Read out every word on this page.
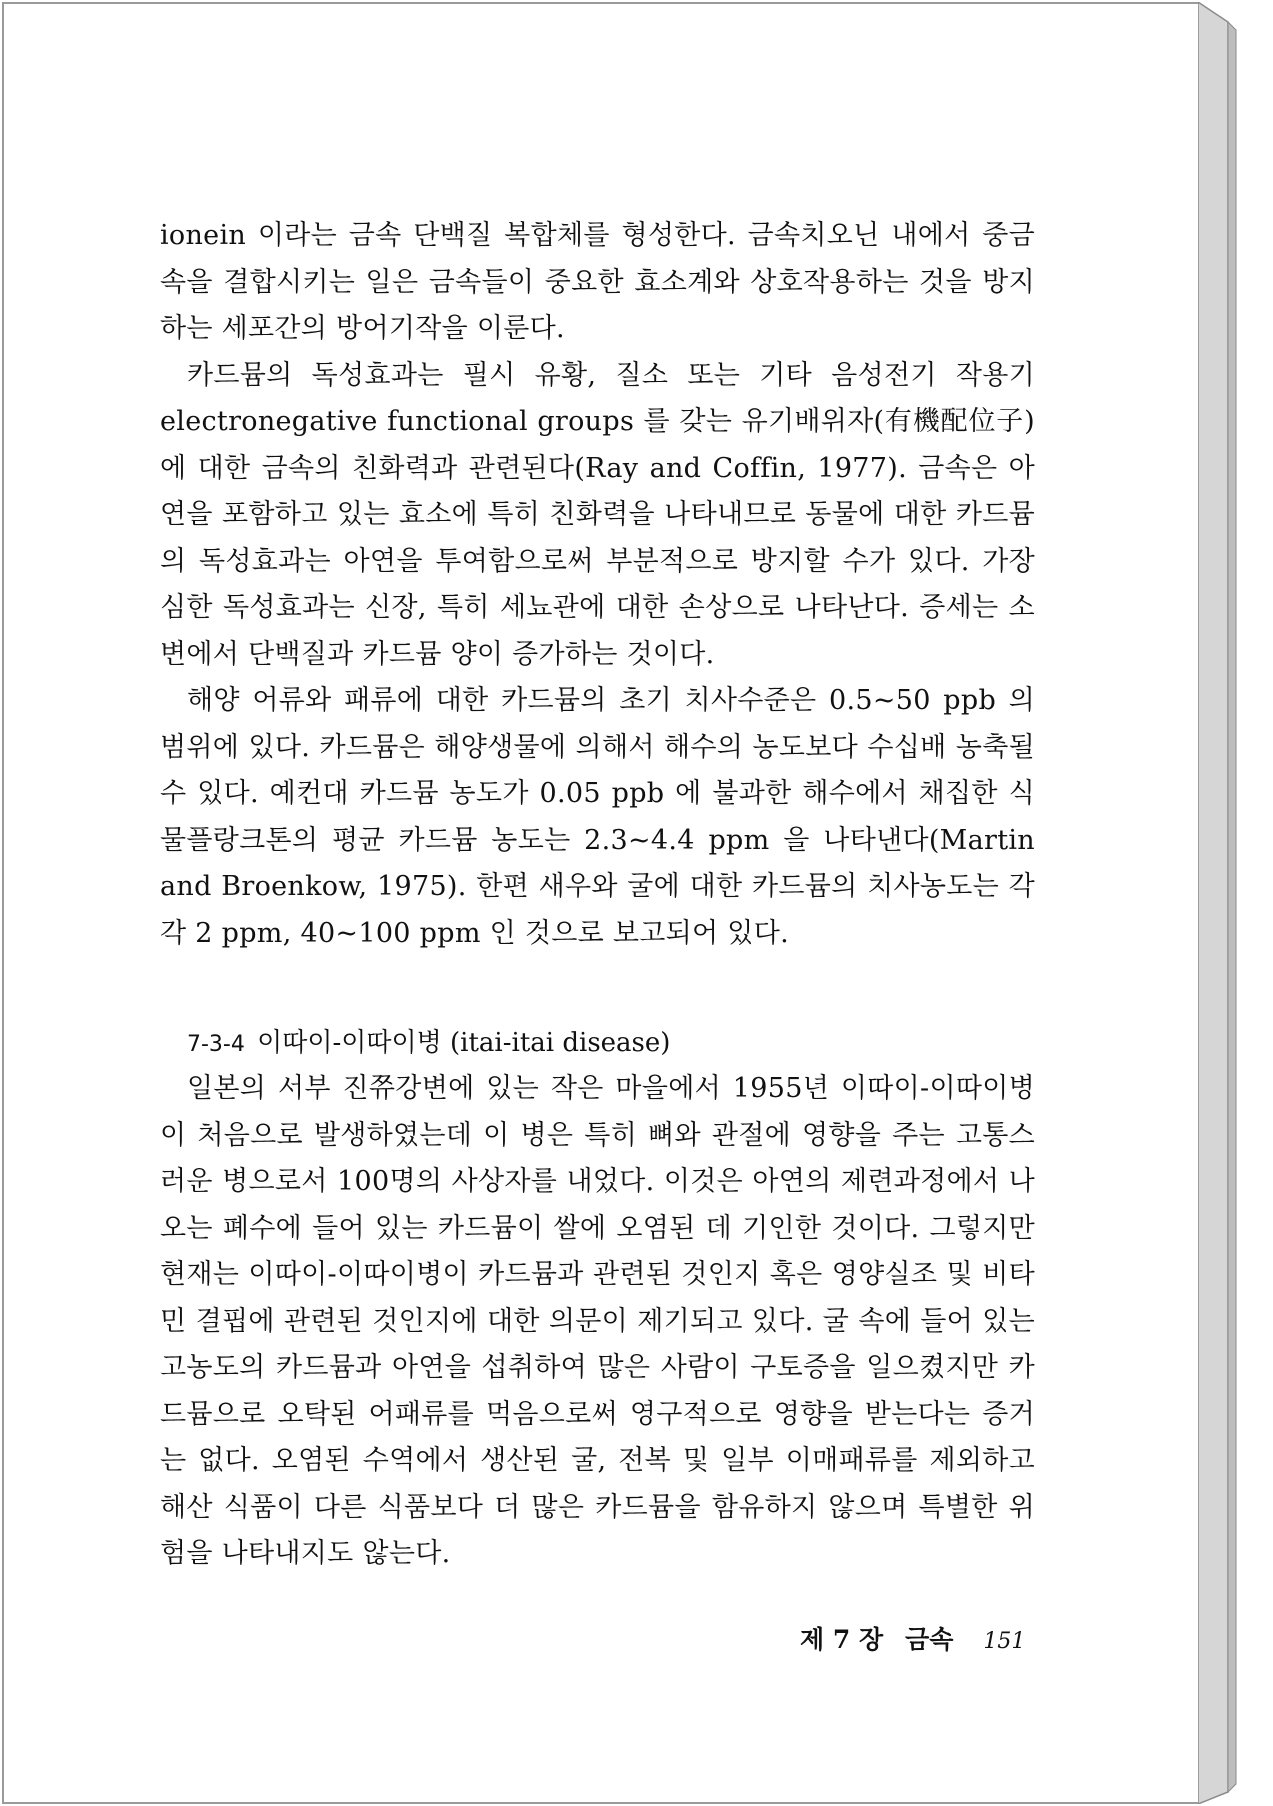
ionein 이라는 금속 단백질 복합체를 형성한다. 금속치오닌 내에서 중금속을 결합시키는 일은 금속들이 중요한 효소계와 상호작용하는 것을 방지하는 세포간의 방어기작을 이룬다.

카드뮴의 독성효과는 필시 유황, 질소 또는 기타 음성전기 작용기 electronegative functional groups 를 갖는 유기배위자(有機配位子)에 대한 금속의 친화력과 관련된다(Ray and Coffin, 1977). 금속은 아연을 포함하고 있는 효소에 특히 친화력을 나타내므로 동물에 대한 카드뮴의 독성효과는 아연을 투여함으로써 부분적으로 방지할 수가 있다. 가장 심한 독성효과는 신장, 특히 세뇨관에 대한 손상으로 나타난다. 증세는 소변에서 단백질과 카드뮴 양이 증가하는 것이다.

해양 어류와 패류에 대한 카드뮴의 초기 치사수준은 0.5~50 ppb 의 범위에 있다. 카드뮴은 해양생물에 의해서 해수의 농도보다 수십배 농축될 수 있다. 예컨대 카드뮴 농도가 0.05 ppb 에 불과한 해수에서 채집한 식물플랑크톤의 평균 카드뮴 농도는 2.3~4.4 ppm 을 나타낸다(Martin and Broenkow, 1975). 한편 새우와 굴에 대한 카드뮴의 치사농도는 각각 2 ppm, 40~100 ppm 인 것으로 보고되어 있다.

7-3-4 이따이-이따이병 (itai-itai disease)

일본의 서부 진쮸강변에 있는 작은 마을에서 1955년 이따이-이따이병이 처음으로 발생하였는데 이 병은 특히 뼈와 관절에 영향을 주는 고통스러운 병으로서 100명의 사상자를 내었다. 이것은 아연의 제련과정에서 나오는 폐수에 들어 있는 카드뮴이 쌀에 오염된 데 기인한 것이다. 그렇지만 현재는 이따이-이따이병이 카드뮴과 관련된 것인지 혹은 영양실조 및 비타민 결핍에 관련된 것인지에 대한 의문이 제기되고 있다. 굴 속에 들어 있는 고농도의 카드뮴과 아연을 섭취하여 많은 사람이 구토증을 일으켰지만 카드뮴으로 오탁된 어패류를 먹음으로써 영구적으로 영향을 받는다는 증거는 없다. 오염된 수역에서 생산된 굴, 전복 및 일부 이매패류를 제외하고 해산 식품이 다른 식품보다 더 많은 카드뮴을 함유하지 않으며 특별한 위험을 나타내지도 않는다.

제 7 장 금속 151
